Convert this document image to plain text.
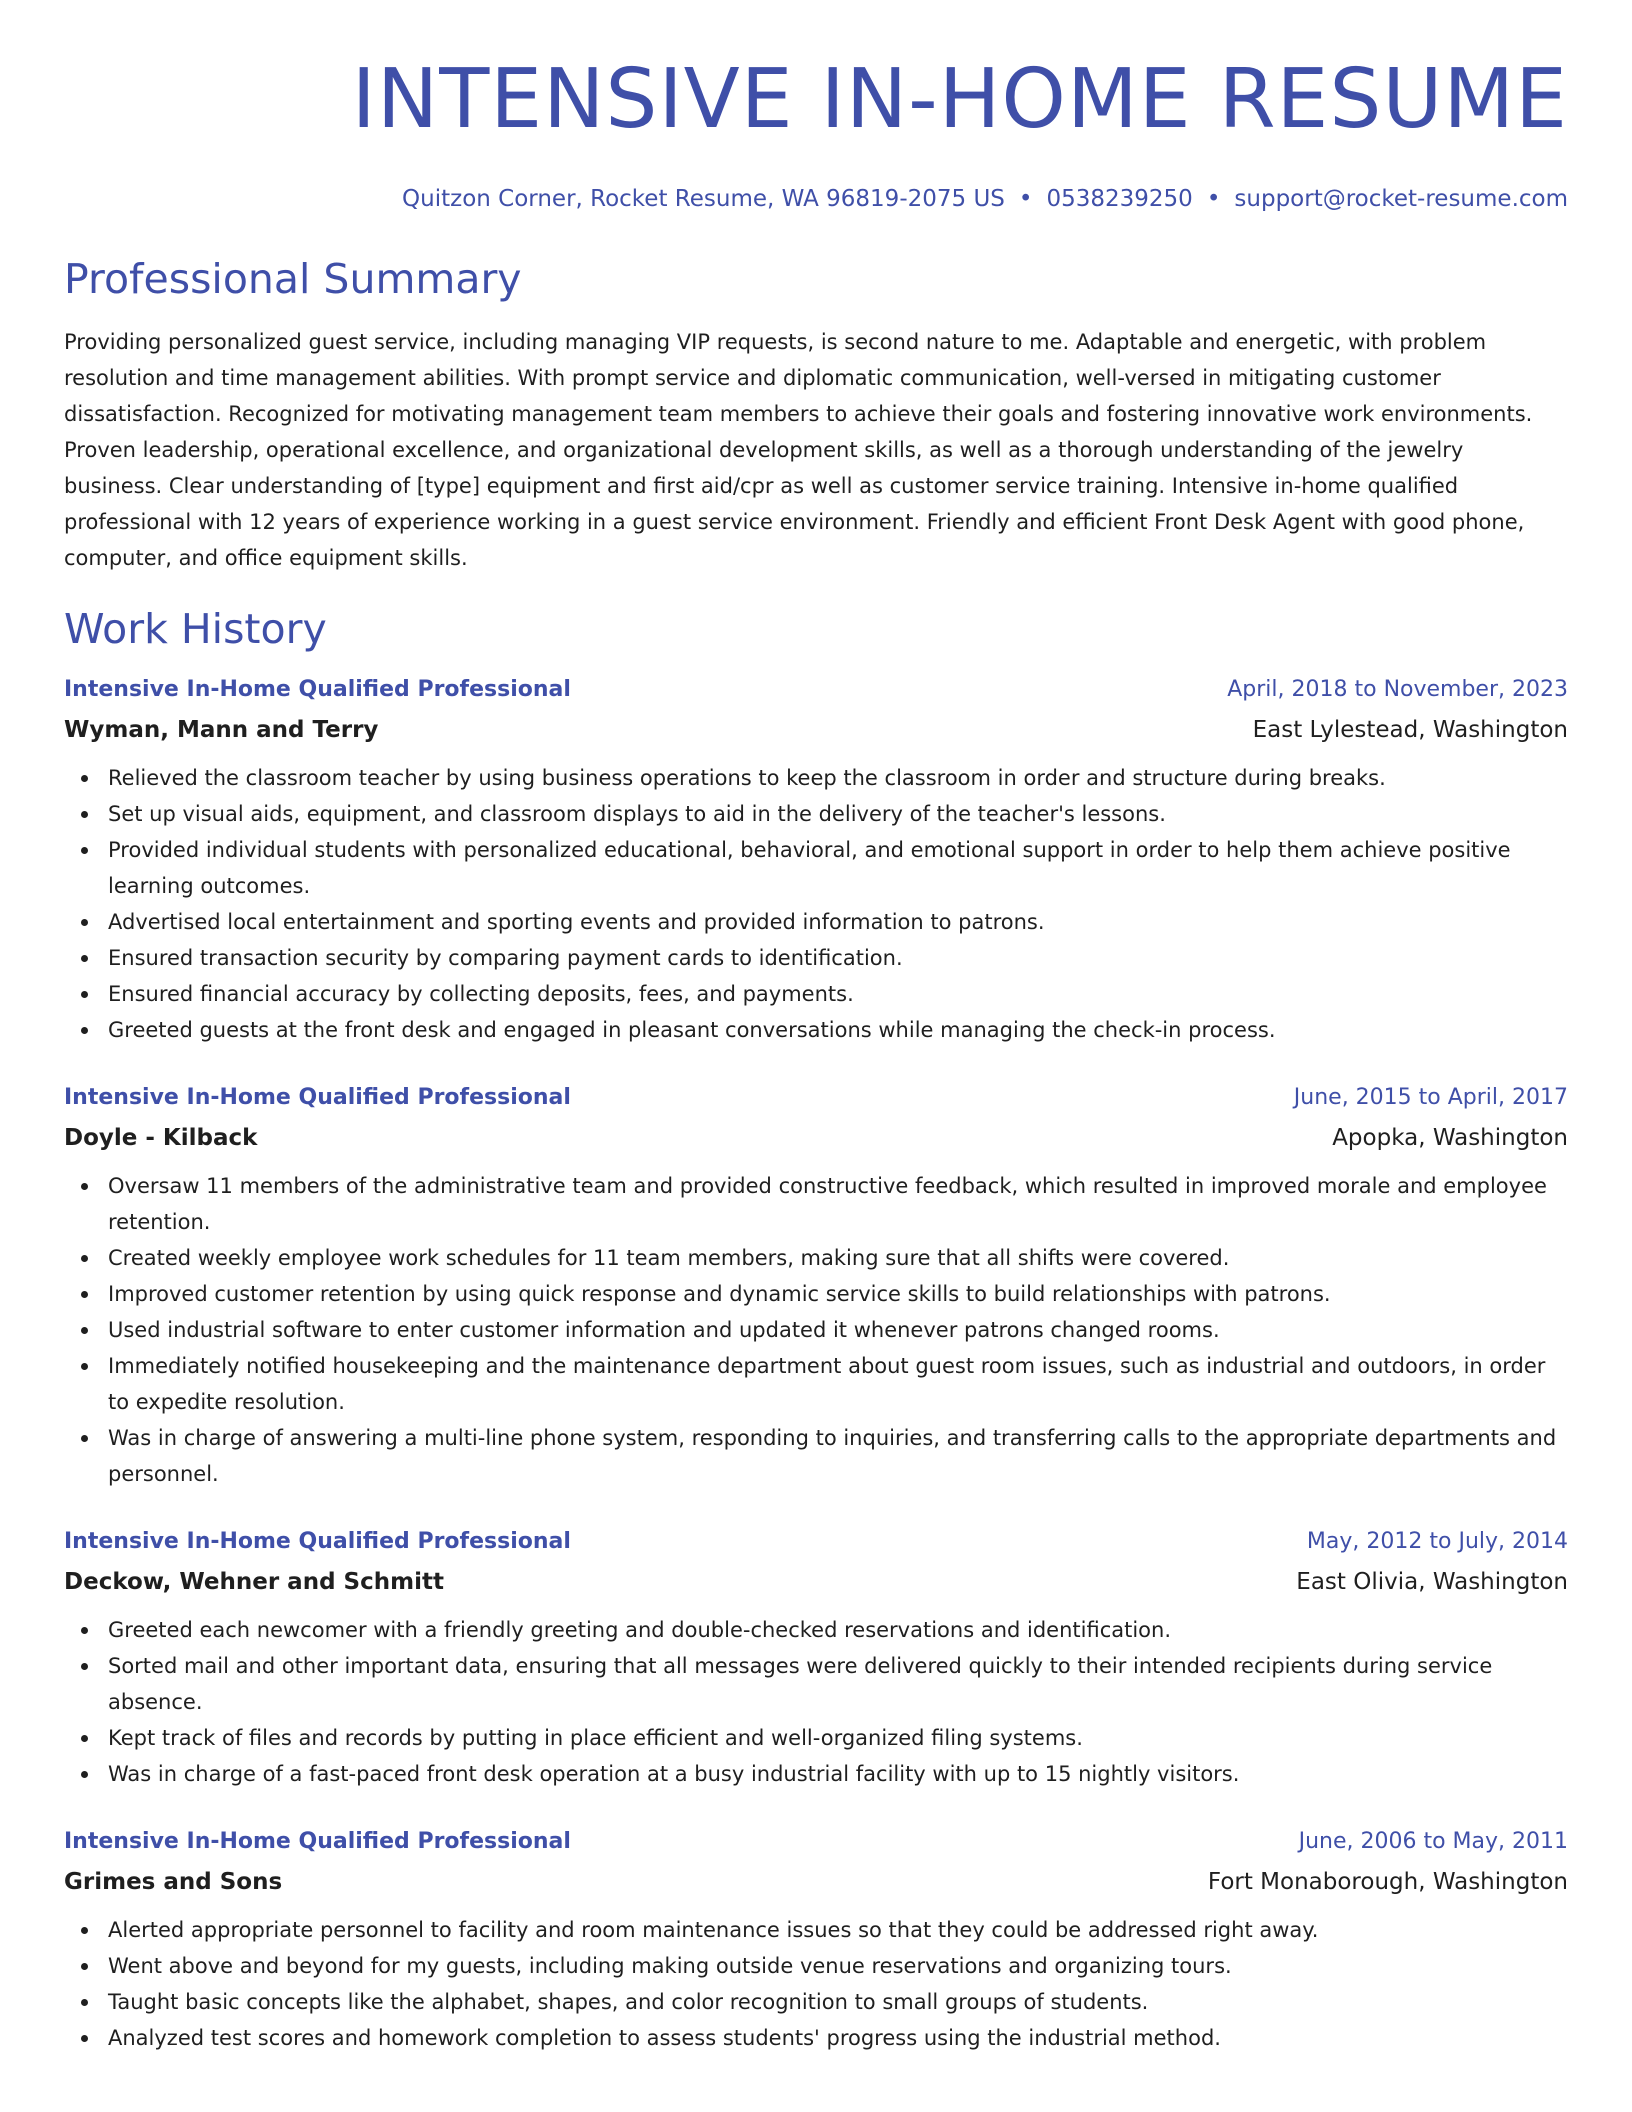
INTENSIVE IN-HOME RESUME
Quitzon Corner, Rocket Resume, WA 96819-2075 US • 0538239250 • support@rocket-resume.com
Professional Summary
Providing personalized guest service, including managing VIP requests, is second nature to me. Adaptable and energetic, with problem resolution and time management abilities. With prompt service and diplomatic communication, well-versed in mitigating customer dissatisfaction. Recognized for motivating management team members to achieve their goals and fostering innovative work environments. Proven leadership, operational excellence, and organizational development skills, as well as a thorough understanding of the jewelry business. Clear understanding of [type] equipment and first aid/cpr as well as customer service training. Intensive in-home qualified professional with 12 years of experience working in a guest service environment. Friendly and efficient Front Desk Agent with good phone, computer, and office equipment skills.
Work History
Intensive In-Home Qualified Professional	April, 2018 to November, 2023
Wyman, Mann and Terry	East Lylestead, Washington
Relieved the classroom teacher by using business operations to keep the classroom in order and structure during breaks.
Set up visual aids, equipment, and classroom displays to aid in the delivery of the teacher's lessons.
Provided individual students with personalized educational, behavioral, and emotional support in order to help them achieve positive learning outcomes.
Advertised local entertainment and sporting events and provided information to patrons.
Ensured transaction security by comparing payment cards to identification.
Ensured financial accuracy by collecting deposits, fees, and payments.
Greeted guests at the front desk and engaged in pleasant conversations while managing the check-in process.
Intensive In-Home Qualified Professional	June, 2015 to April, 2017
Doyle - Kilback	Apopka, Washington
Oversaw 11 members of the administrative team and provided constructive feedback, which resulted in improved morale and employee retention.
Created weekly employee work schedules for 11 team members, making sure that all shifts were covered.
Improved customer retention by using quick response and dynamic service skills to build relationships with patrons.
Used industrial software to enter customer information and updated it whenever patrons changed rooms.
Immediately notified housekeeping and the maintenance department about guest room issues, such as industrial and outdoors, in order to expedite resolution.
Was in charge of answering a multi-line phone system, responding to inquiries, and transferring calls to the appropriate departments and personnel.
Intensive In-Home Qualified Professional	May, 2012 to July, 2014
Deckow, Wehner and Schmitt	East Olivia, Washington
Greeted each newcomer with a friendly greeting and double-checked reservations and identification.
Sorted mail and other important data, ensuring that all messages were delivered quickly to their intended recipients during service absence.
Kept track of files and records by putting in place efficient and well-organized filing systems.
Was in charge of a fast-paced front desk operation at a busy industrial facility with up to 15 nightly visitors.
Intensive In-Home Qualified Professional	June, 2006 to May, 2011
Grimes and Sons	Fort Monaborough, Washington
Alerted appropriate personnel to facility and room maintenance issues so that they could be addressed right away.
Went above and beyond for my guests, including making outside venue reservations and organizing tours.
Taught basic concepts like the alphabet, shapes, and color recognition to small groups of students.
Analyzed test scores and homework completion to assess students' progress using the industrial method.
